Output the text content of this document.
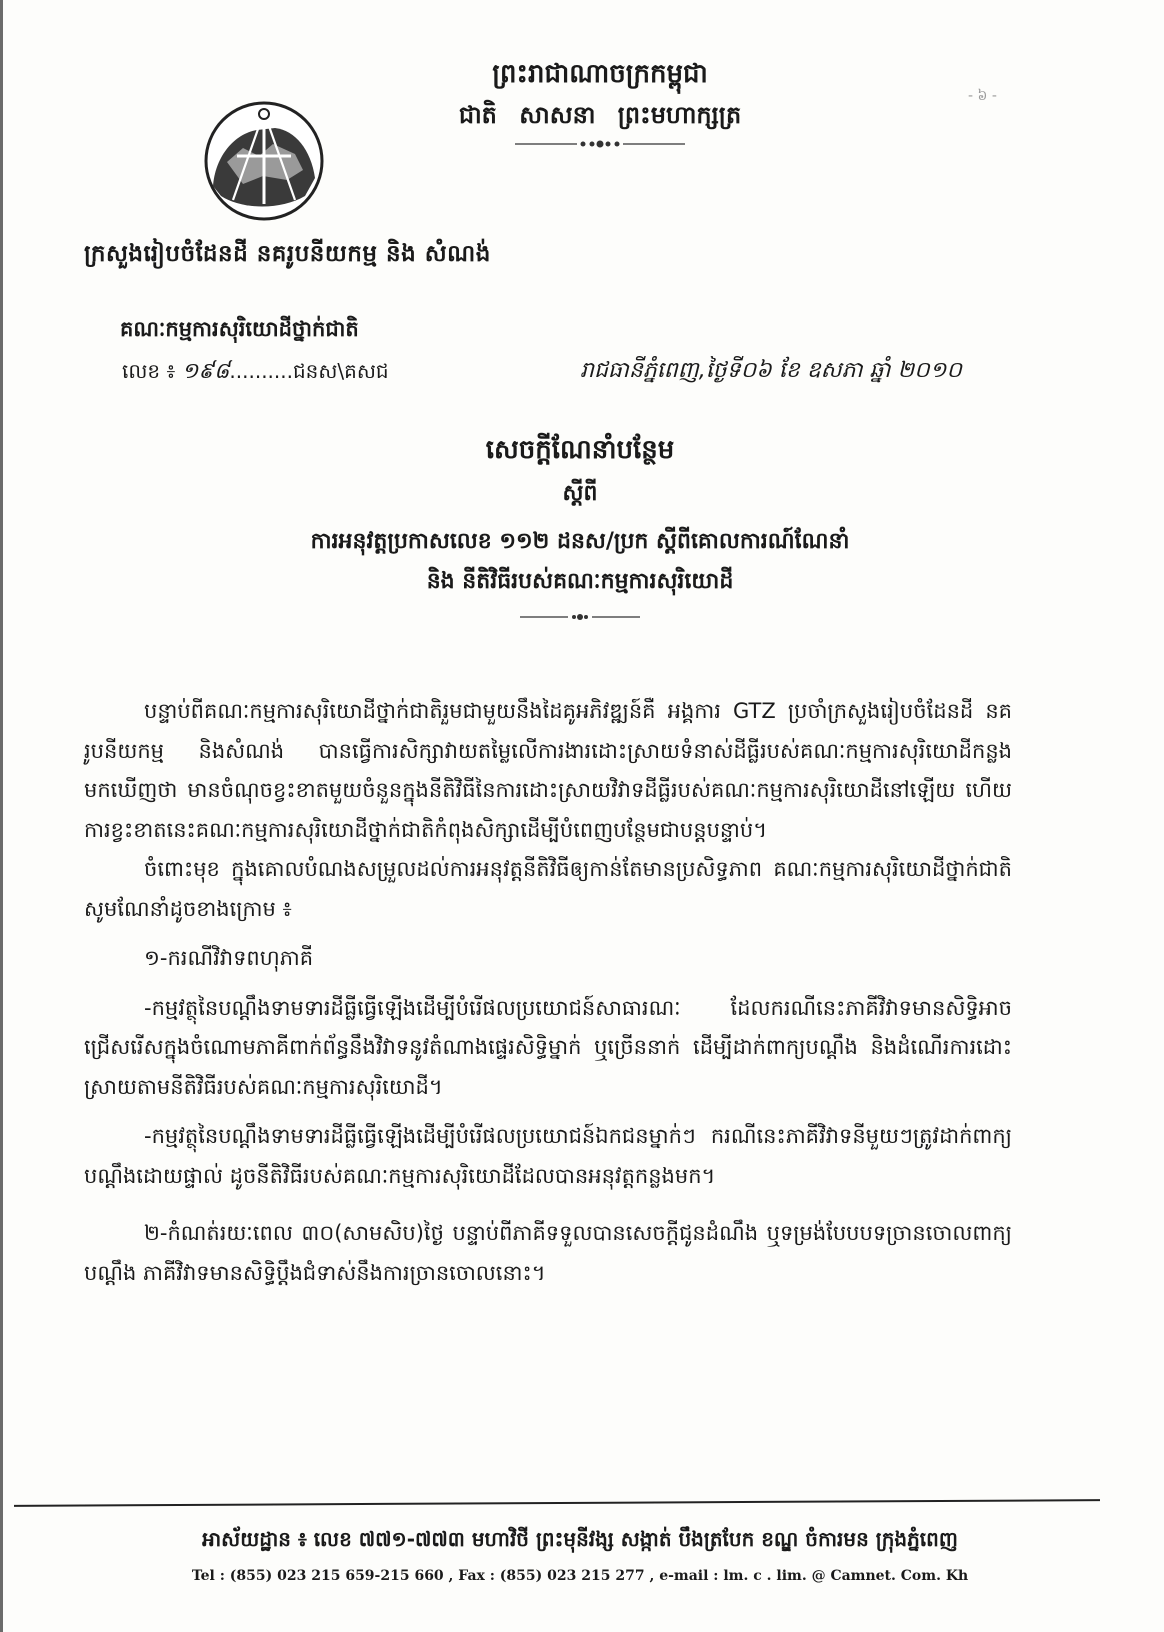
- ៦ -
ព្រះរាជាណាចក្រកម្ពុជា
ជាតិ សាសនា ព្រះមហាក្សត្រ
ក្រសួងរៀបចំដែនដី នគរូបនីយកម្ម និង សំណង់
គណៈកម្មការសុរិយោដីថ្នាក់ជាតិ
លេខ ៖ ១៩៨..........ជនស\គសជ	រាជធានីភ្នំពេញ,ថ្ងៃទី០៦ ខែ ឧសភា ឆ្នាំ ២០១០
សេចក្តីណែនាំបន្ថែម
ស្តីពី
ការអនុវត្តប្រកាសលេខ ១១២ ដនស/ប្រក ស្តីពីគោលការណ៍ណែនាំ
និង នីតិវិធីរបស់គណៈកម្មការសុរិយោដី

បន្ទាប់ពីគណៈកម្មការសុរិយោដីថ្នាក់ជាតិរួមជាមួយនឹងដៃគូអភិវឌ្ឍន៍គឺ អង្គការ GTZ ប្រចាំក្រសួងរៀបចំដែនដី នគរូបនីយកម្ម និងសំណង់ បានធ្វើការសិក្សាវាយតម្លៃលើការងារដោះស្រាយទំនាស់ដីធ្លីរបស់គណៈកម្មការសុរិយោដីកន្លងមកឃើញថា មានចំណុចខ្វះខាតមួយចំនួនក្នុងនីតិវិធីនៃការដោះស្រាយវិវាទដីធ្លីរបស់គណៈកម្មការសុរិយោដីនៅឡើយ ហើយការខ្វះខាតនេះគណៈកម្មការសុរិយោដីថ្នាក់ជាតិកំពុងសិក្សាដើម្បីបំពេញបន្ថែមជាបន្តបន្ទាប់។

ចំពោះមុខ ក្នុងគោលបំណងសម្រួលដល់ការអនុវត្តនីតិវិធីឲ្យកាន់តែមានប្រសិទ្ធភាព គណៈកម្មការសុរិយោដីថ្នាក់ជាតិសូមណែនាំដូចខាងក្រោម ៖

១-ករណីវិវាទពហុភាគី

-កម្មវត្ថុនៃបណ្តឹងទាមទារដីធ្លីធ្វើឡើងដើម្បីបំរើផលប្រយោជន៍សាធារណៈ ដែលករណីនេះភាគីវិវាទមានសិទ្ធិអាចជ្រើសរើសក្នុងចំណោមភាគីពាក់ព័ន្ធនឹងវិវាទនូវតំណាងផ្ទេរសិទ្ធិម្នាក់ ឬច្រើននាក់ ដើម្បីដាក់ពាក្យបណ្តឹង និងដំណើរការដោះស្រាយតាមនីតិវិធីរបស់គណៈកម្មការសុរិយោដី។

-កម្មវត្ថុនៃបណ្តឹងទាមទារដីធ្លីធ្វើឡើងដើម្បីបំរើផលប្រយោជន៍ឯកជនម្នាក់ៗ ករណីនេះភាគីវិវាទនីមួយៗត្រូវដាក់ពាក្យបណ្តឹងដោយផ្ទាល់ ដូចនីតិវិធីរបស់គណៈកម្មការសុរិយោដីដែលបានអនុវត្តកន្លងមក។

២-កំណត់រយៈពេល ៣០(សាមសិប)ថ្ងៃ បន្ទាប់ពីភាគីទទួលបានសេចក្តីជូនដំណឹង ឬទម្រង់បែបបទច្រានចោលពាក្យបណ្តឹង ភាគីវិវាទមានសិទ្ធិប្តឹងជំទាស់នឹងការច្រានចោលនោះ។

អាស័យដ្ឋាន ៖ លេខ ៧៧១-៧៧៣ មហាវិថី ព្រះមុនីវង្ស សង្កាត់ បឹងត្របែក ខណ្ឌ ចំការមន ក្រុងភ្នំពេញ
Tel : (855) 023 215 659-215 660 , Fax : (855) 023 215 277 , e-mail : lm. c . lim. @ Camnet. Com. Kh
